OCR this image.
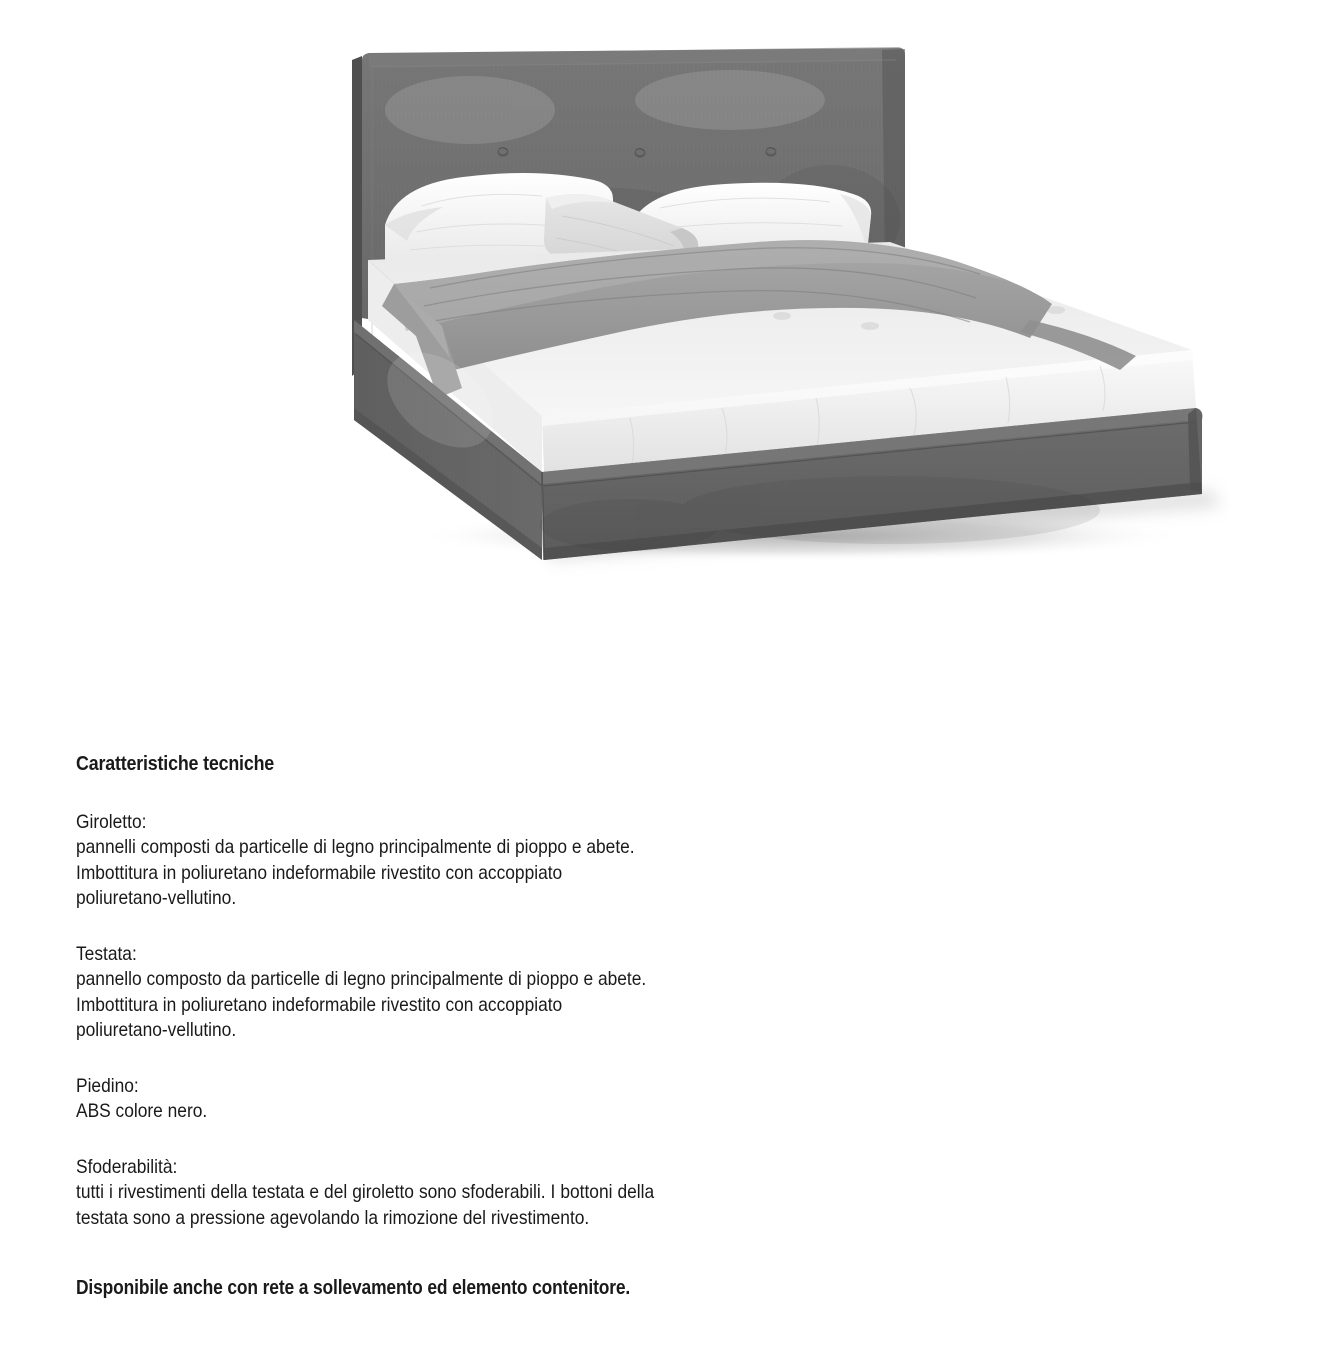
Caratteristiche tecniche

Giroletto:

pannelli composti da particelle di legno principalmente di pioppo e abete. Imbottitura in poliuretano indeformabile rivestito con accoppiato poliuretano-vellutino.

Testata:

pannello composto da particelle di legno principalmente di pioppo e abete. Imbottitura in poliuretano indeformabile rivestito con accoppiato poliuretano-vellutino.

Piedino:

ABS colore nero.

Sfoderabilità:

tutti i rivestimenti della testata e del giroletto sono sfoderabili. I bottoni della testata sono a pressione agevolando la rimozione del rivestimento.

Disponibile anche con rete a sollevamento ed elemento contenitore.
